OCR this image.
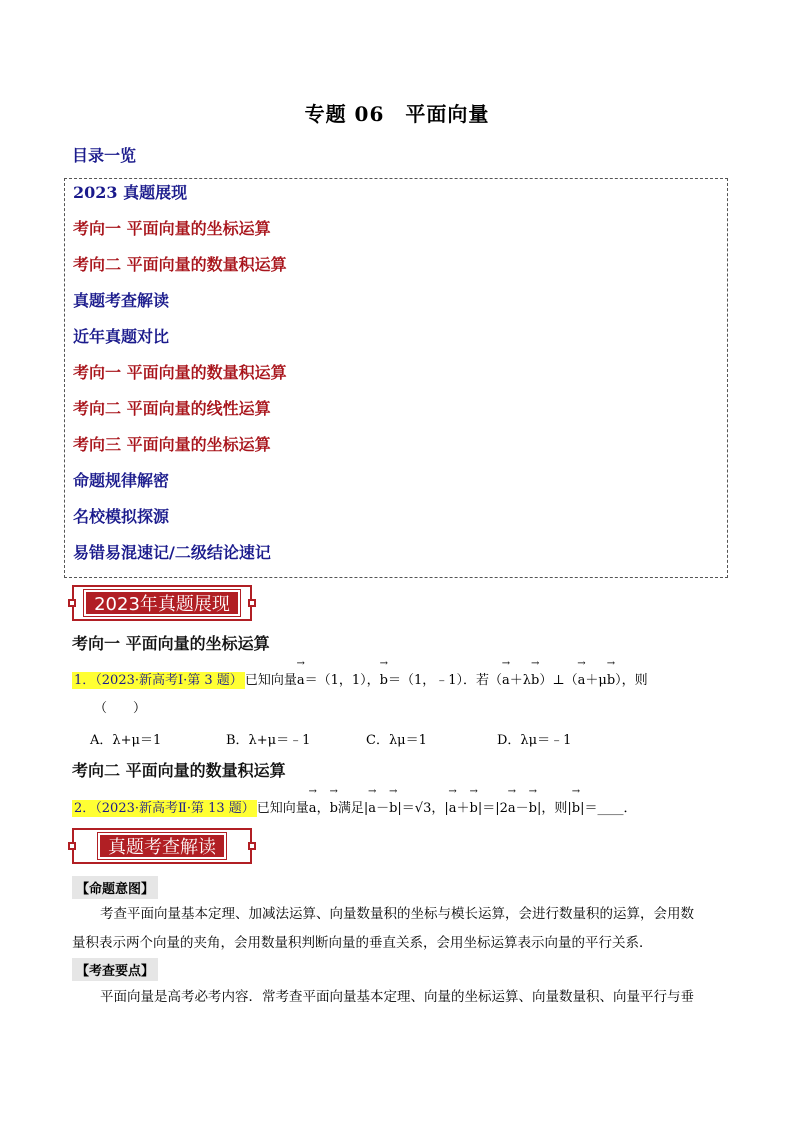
专题 06　平面向量
目录一览
2023 真题展现
考向一 平面向量的坐标运算
考向二 平面向量的数量积运算
真题考查解读
近年真题对比
考向一 平面向量的数量积运算
考向二 平面向量的线性运算
考向三 平面向量的坐标运算
命题规律解密
名校模拟探源
易错易混速记/二级结论速记
2023年真题展现
考向一 平面向量的坐标运算
1．（2023·新高考Ⅰ·第 3 题） 已知向量→ a＝（1，1），→ b＝（1，﹣1）．若（→ a＋λ→ b）⊥（→ a＋μ→ b），则
（　　）
A．λ+μ＝1	B．λ+μ＝﹣1	C．λμ＝1	D．λμ＝﹣1
考向二 平面向量的数量积运算
2．（2023·新高考Ⅱ·第 13 题） 已知向量→ a，→ b满足|→ a－→ b|＝√3，|→ a＋→ b|＝|2→ a－→ b|，则|→ b|＝____．
真题考查解读
【命题意图】
考查平面向量基本定理、加减法运算、向量数量积的坐标与模长运算，会进行数量积的运算，会用数
量积表示两个向量的夹角，会用数量积判断向量的垂直关系，会用坐标运算表示向量的平行关系．
【考查要点】
平面向量是高考必考内容．常考查平面向量基本定理、向量的坐标运算、向量数量积、向量平行与垂
